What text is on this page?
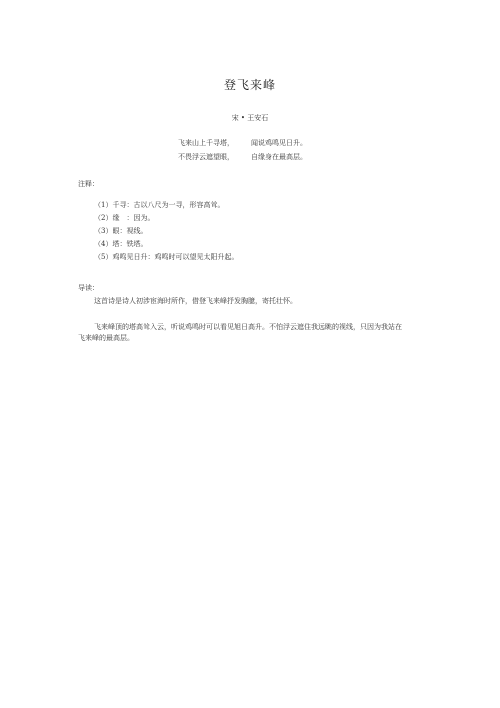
登飞来峰
宋 • 王安石
飞来山上千寻塔，	闻说鸡鸣见日升。
不畏浮云遮望眼，	自缘身在最高层。
注释：
（1）千寻：古以八尺为一寻，形容高耸。
（2）缘　：因为。
（3）眼：视线。
（4）塔：铁塔。
（5）鸡鸣见日升：鸡鸣时可以望见太阳升起。
导读：
这首诗是诗人初涉宦海时所作，借登飞来峰抒发胸臆，寄托壮怀。
飞来峰顶的塔高耸入云，听说鸡鸣时可以看见旭日高升。不怕浮云遮住我远眺的视线，只因为我站在飞来峰的最高层。
